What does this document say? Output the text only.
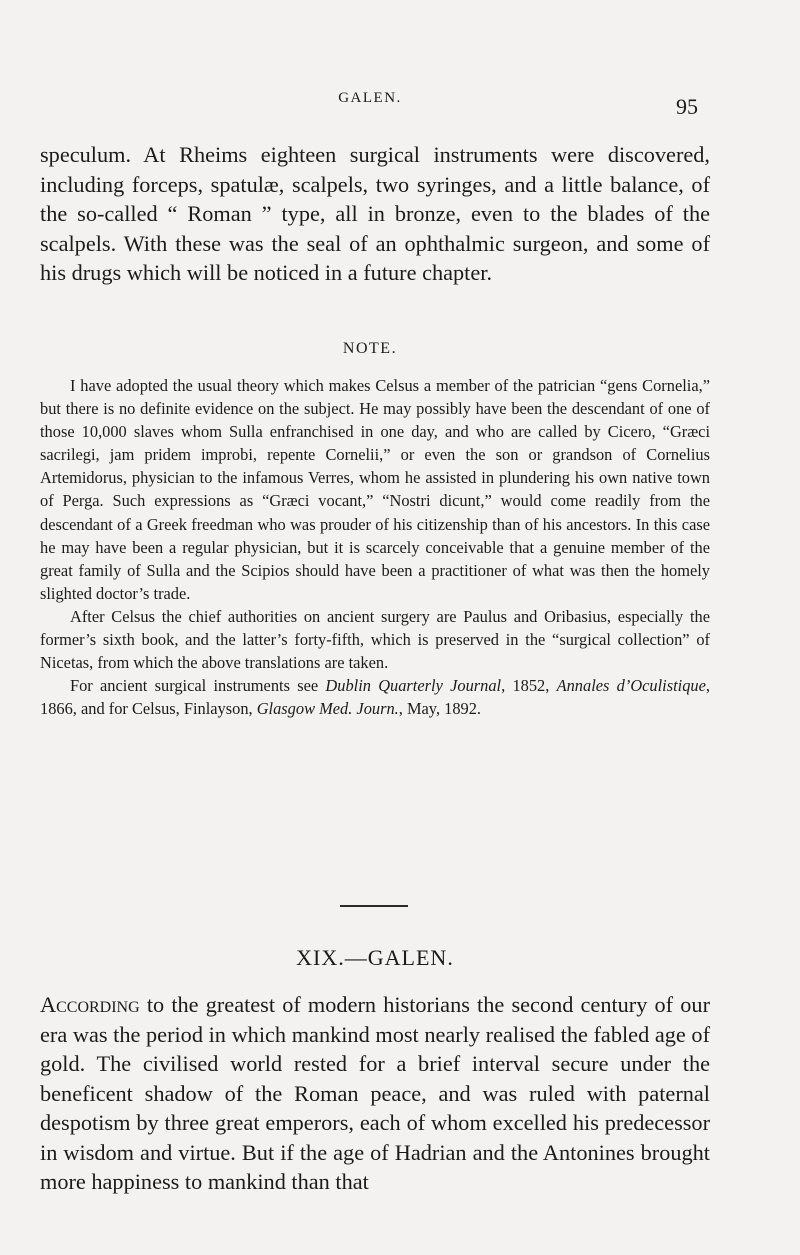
GALEN.	95

speculum. At Rheims eighteen surgical instruments were discovered, including forceps, spatulæ, scalpels, two syringes, and a little balance, of the so-called “ Roman ” type, all in bronze, even to the blades of the scalpels. With these was the seal of an ophthalmic surgeon, and some of his drugs which will be noticed in a future chapter.

NOTE.

I have adopted the usual theory which makes Celsus a member of the patrician “gens Cornelia,” but there is no definite evidence on the subject. He may possibly have been the descendant of one of those 10,000 slaves whom Sulla enfranchised in one day, and who are called by Cicero, “Græci sacrilegi, jam pridem improbi, repente Cornelii,” or even the son or grandson of Cornelius Artemidorus, physician to the infamous Verres, whom he assisted in plundering his own native town of Perga. Such expressions as “Græci vocant,” “Nostri dicunt,” would come readily from the descendant of a Greek freedman who was prouder of his citizenship than of his ancestors. In this case he may have been a regular physician, but it is scarcely conceivable that a genuine member of the great family of Sulla and the Scipios should have been a practitioner of what was then the homely slighted doctor’s trade.

After Celsus the chief authorities on ancient surgery are Paulus and Oribasius, especially the former’s sixth book, and the latter’s forty-fifth, which is preserved in the “surgical collection” of Nicetas, from which the above translations are taken.

For ancient surgical instruments see Dublin Quarterly Journal, 1852, Annales d’Oculistique, 1866, and for Celsus, Finlayson, Glasgow Med. Journ., May, 1892.

XIX.—GALEN.

According to the greatest of modern historians the second century of our era was the period in which mankind most nearly realised the fabled age of gold. The civilised world rested for a brief interval secure under the beneficent shadow of the Roman peace, and was ruled with paternal despotism by three great emperors, each of whom excelled his predecessor in wisdom and virtue. But if the age of Hadrian and the Antonines brought more happiness to mankind than that
